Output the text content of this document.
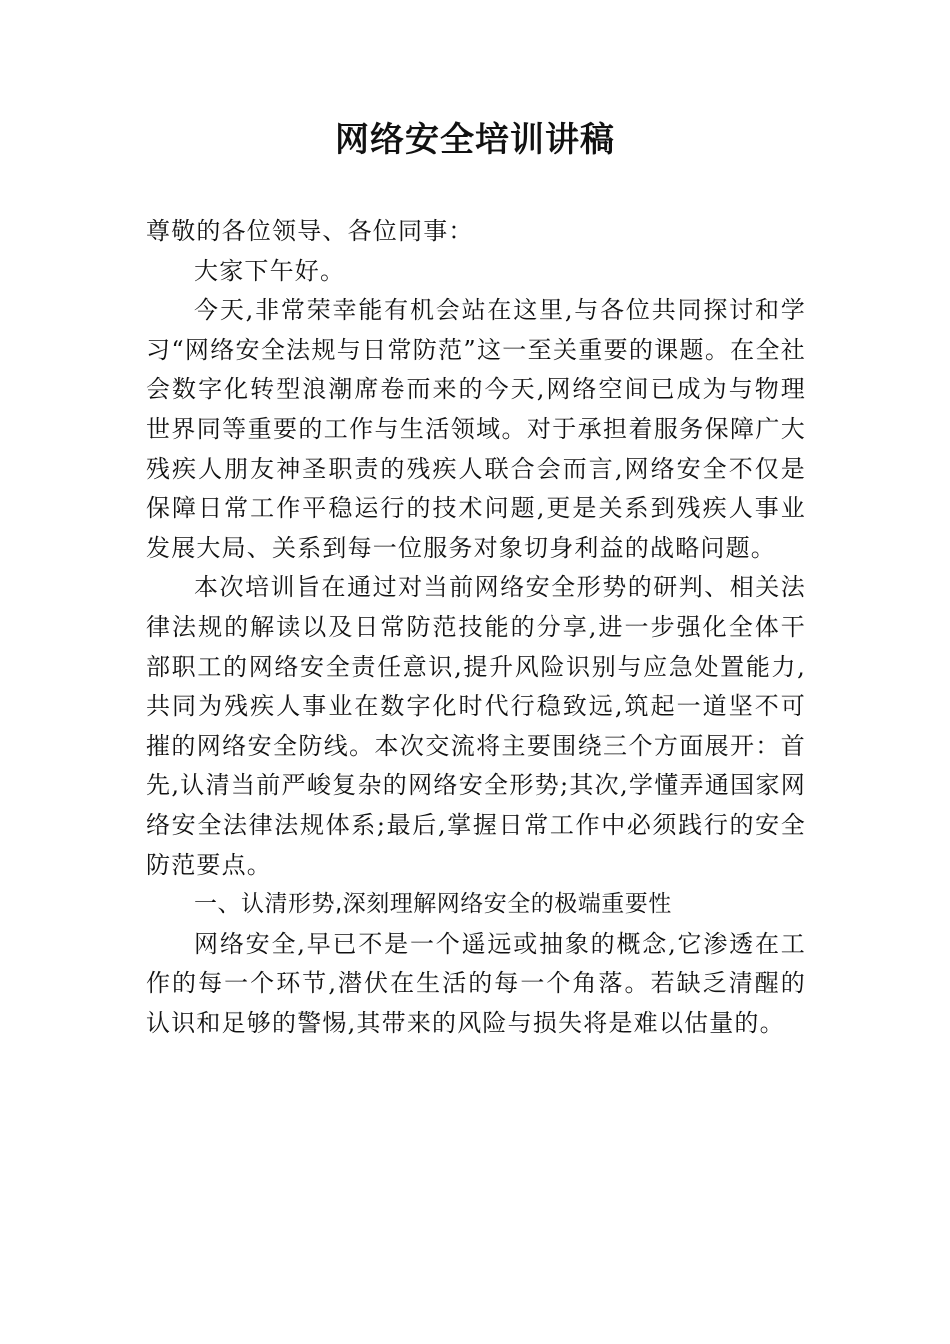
网络安全培训讲稿

尊敬的各位领导、各位同事：

大家下午好。

今天,非常荣幸能有机会站在这里,与各位共同探讨和学习“网络安全法规与日常防范”这一至关重要的课题。在全社会数字化转型浪潮席卷而来的今天,网络空间已成为与物理世界同等重要的工作与生活领域。对于承担着服务保障广大残疾人朋友神圣职责的残疾人联合会而言,网络安全不仅是保障日常工作平稳运行的技术问题,更是关系到残疾人事业发展大局、关系到每一位服务对象切身利益的战略问题。

本次培训旨在通过对当前网络安全形势的研判、相关法律法规的解读以及日常防范技能的分享,进一步强化全体干部职工的网络安全责任意识,提升风险识别与应急处置能力,共同为残疾人事业在数字化时代行稳致远,筑起一道坚不可摧的网络安全防线。本次交流将主要围绕三个方面展开：首先,认清当前严峻复杂的网络安全形势;其次,学懂弄通国家网络安全法律法规体系;最后,掌握日常工作中必须践行的安全防范要点。

一、认清形势,深刻理解网络安全的极端重要性

网络安全,早已不是一个遥远或抽象的概念,它渗透在工作的每一个环节,潜伏在生活的每一个角落。若缺乏清醒的认识和足够的警惕,其带来的风险与损失将是难以估量的。
